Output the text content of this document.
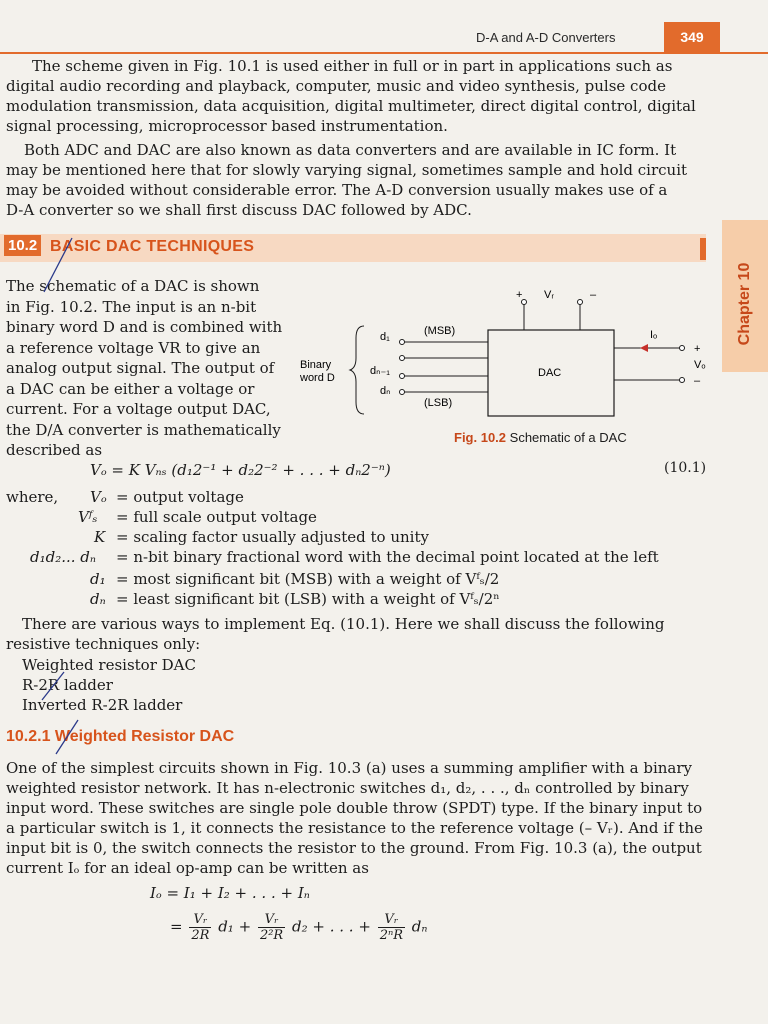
D-A and A-D Converters	349
The scheme given in Fig. 10.1 is used either in full or in part in applications such as
digital audio recording and playback, computer, music and video synthesis, pulse code
modulation transmission, data acquisition, digital multimeter, direct digital control, digital
signal processing, microprocessor based instrumentation.
Both ADC and DAC are also known as data converters and are available in IC form. It
may be mentioned here that for slowly varying signal, sometimes sample and hold circuit
may be avoided without considerable error. The A-D conversion usually makes use of a
D-A converter so we shall first discuss DAC followed by ADC.
10.2 BASIC DAC TECHNIQUES
Chapter 10
The schematic of a DAC is shown
in Fig. 10.2. The input is an n-bit
binary word D and is combined with
a reference voltage VR to give an
analog output signal. The output of
a DAC can be either a voltage or
current. For a voltage output DAC,
the D/A converter is mathematically
described as
Binary
word D
d₁
dₙ₋₁
dₙ
(MSB)
(LSB)
DAC
+ Vᵣ	–
Iₒ
+
Vₒ
–
Fig. 10.2 Schematic of a DAC
Vₒ = K Vₙₛ (d₁2⁻¹ + d₂2⁻² + . . . + dₙ2⁻ⁿ)	(10.1)
where, Vₒ = output voltage
Vᶠₛ = full scale output voltage
K = scaling factor usually adjusted to unity
d₁d₂... dₙ = n-bit binary fractional word with the decimal point located at the left
d₁ = most significant bit (MSB) with a weight of Vᶠₛ/2
dₙ = least significant bit (LSB) with a weight of Vᶠₛ/2ⁿ
There are various ways to implement Eq. (10.1). Here we shall discuss the following
resistive techniques only:
Weighted resistor DAC
R-2R ladder
Inverted R-2R ladder
10.2.1 Weighted Resistor DAC
One of the simplest circuits shown in Fig. 10.3 (a) uses a summing amplifier with a binary
weighted resistor network. It has n-electronic switches d₁, d₂, . . ., dₙ controlled by binary
input word. These switches are single pole double throw (SPDT) type. If the binary input to
a particular switch is 1, it connects the resistance to the reference voltage (– Vᵣ). And if the
input bit is 0, the switch connects the resistor to the ground. From Fig. 10.3 (a), the output
current Iₒ for an ideal op-amp can be written as
Iₒ = I₁ + I₂ + . . . + Iₙ
= $\frac{\text{Vᵣ}}{2R} d_1 + \frac{\text{Vᵣ}}{\text{2²R}} d_2$ + . . . + $\frac{\text{Vᵣ}}{\text{2ⁿR}}$ dₙ
